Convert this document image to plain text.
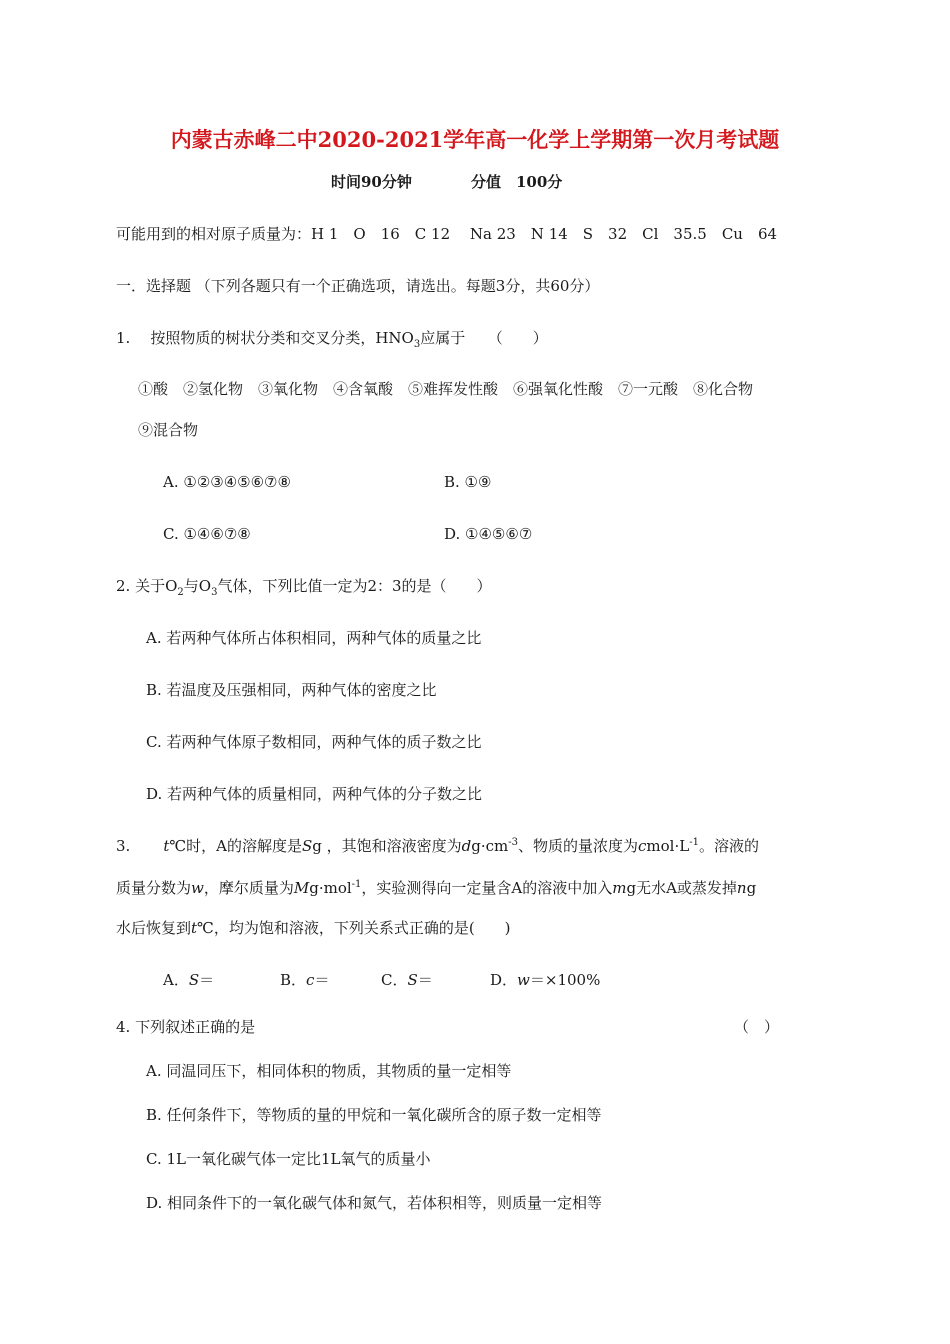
内蒙古赤峰二中2020-2021学年高一化学上学期第一次月考试题
时间90分钟	分值　100分
可能用到的相对原子质量为：H 1　O　16　C 12　 Na 23　N 14　S　32　Cl　35.5　Cu　64
一．选择题 （下列各题只有一个正确选项，请选出。每题3分，共60分）
1. 按照物质的树状分类和交叉分类，$HNO_3$应属于　　（　　）
①酸　②氢化物　③氧化物　④含氧酸　⑤难挥发性酸　⑥强氧化性酸　⑦一元酸　⑧化合物
⑨混合物
A. ①②③④⑤⑥⑦⑧	B. ①⑨
C. ①④⑥⑦⑧	D. ①④⑤⑥⑦
2. 关于$O_2$与$O_3$气体，下列比值一定为2：3的是（　　）
A. 若两种气体所占体积相同，两种气体的质量之比
B. 若温度及压强相同，两种气体的密度之比
C. 若两种气体原子数相同，两种气体的质子数之比
D. 若两种气体的质量相同，两种气体的分子数之比
3. t℃时，A的溶解度是Sg ，其饱和溶液密度为$dg\cdot cm^{-3}$、物质的量浓度为$cmol\cdot L^{-1}$。溶液的
质量分数为w，摩尔质量为Mg·mol$^{-1}$，实验测得向一定量含A的溶液中加入mg无水A或蒸发掉ng
水后恢复到t℃，均为饱和溶液，下列关系式正确的是(　　)
A．S＝	B．c＝	C．S＝	D．w＝×100%
4. 下列叙述正确的是	（　）
A. 同温同压下，相同体积的物质，其物质的量一定相等
B. 任何条件下，等物质的量的甲烷和一氧化碳所含的原子数一定相等
C. 1L一氧化碳气体一定比1L氧气的质量小
D. 相同条件下的一氧化碳气体和氮气，若体积相等，则质量一定相等
